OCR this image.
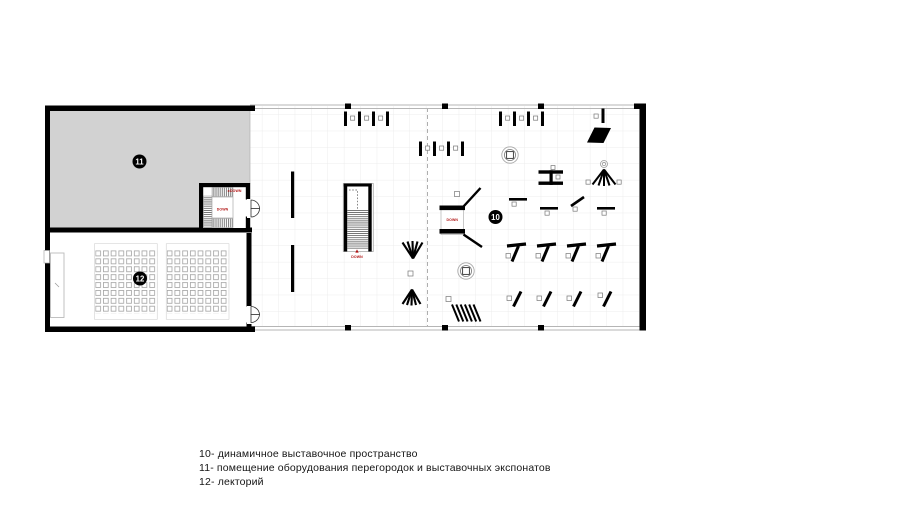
DOWN
◄DOWN
DOWN
DOWN
11
12
10
10- динамичное выставочное пространство
11- помещение оборудования перегородок и выставочных экспонатов
12- лекторий
